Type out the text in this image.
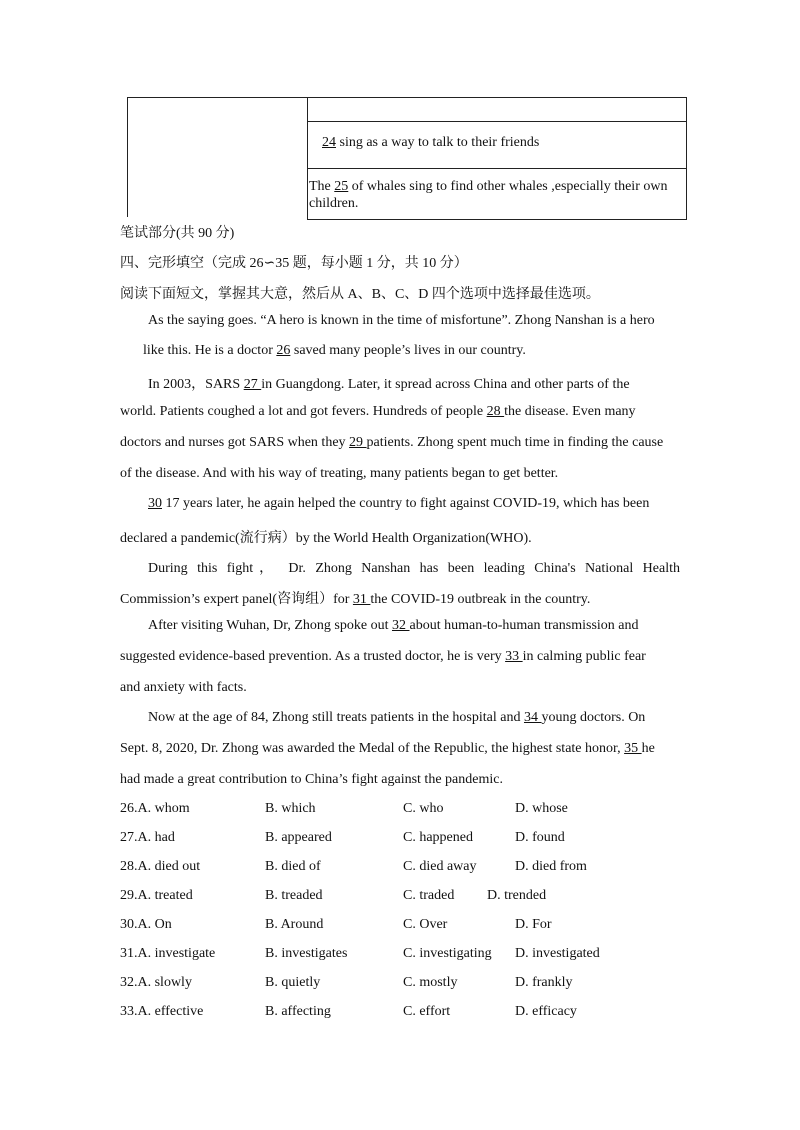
24 sing as a way to talk to their friends
The 25 of whales sing to find other whales ,especially their own children.
笔试部分(共 90 分)
四、完形填空（完成 26∽35 题，每小题 1 分，共 10 分）
阅读下面短文，掌握其大意，然后从 A、B、C、D 四个选项中选择最佳选项。
As the saying goes. “A hero is known in the time of misfortune”. Zhong Nanshan is a hero
like this. He is a doctor 26 saved many people’s lives in our country.
In 2003，SARS 27 in Guangdong. Later, it spread across China and other parts of the
world. Patients coughed a lot and got fevers. Hundreds of people 28 the disease. Even many
doctors and nurses got SARS when they 29 patients. Zhong spent much time in finding the cause
of the disease. And with his way of treating, many patients began to get better.
30 17 years later, he again helped the country to fight against COVID-19, which has been
declared a pandemic(流行病）by the World Health Organization(WHO).
During this fight， Dr. Zhong Nanshan has been leading China's National Health
Commission’s expert panel(咨询组）for 31 the COVID-19 outbreak in the country.
After visiting Wuhan, Dr, Zhong spoke out 32 about human-to-human transmission and
suggested evidence-based prevention. As a trusted doctor, he is very 33 in calming public fear
and anxiety with facts.
Now at the age of 84, Zhong still treats patients in the hospital and 34 young doctors. On
Sept. 8, 2020, Dr. Zhong was awarded the Medal of the Republic, the highest state honor, 35 he
had made a great contribution to China’s fight against the pandemic.
26.A. whom	B. which	C. who	D. whose
27.A. had	B. appeared	C. happened	D. found
28.A. died out	B. died of	C. died away	D. died from
29.A. treated	B. treaded	C. traded D. trended
30.A. On	B. Around	C. Over	D. For
31.A. investigate	B. investigates	C. investigating D. investigated
32.A. slowly	B. quietly	C. mostly	D. frankly
33.A. effective	B. affecting	C. effort	D. efficacy
